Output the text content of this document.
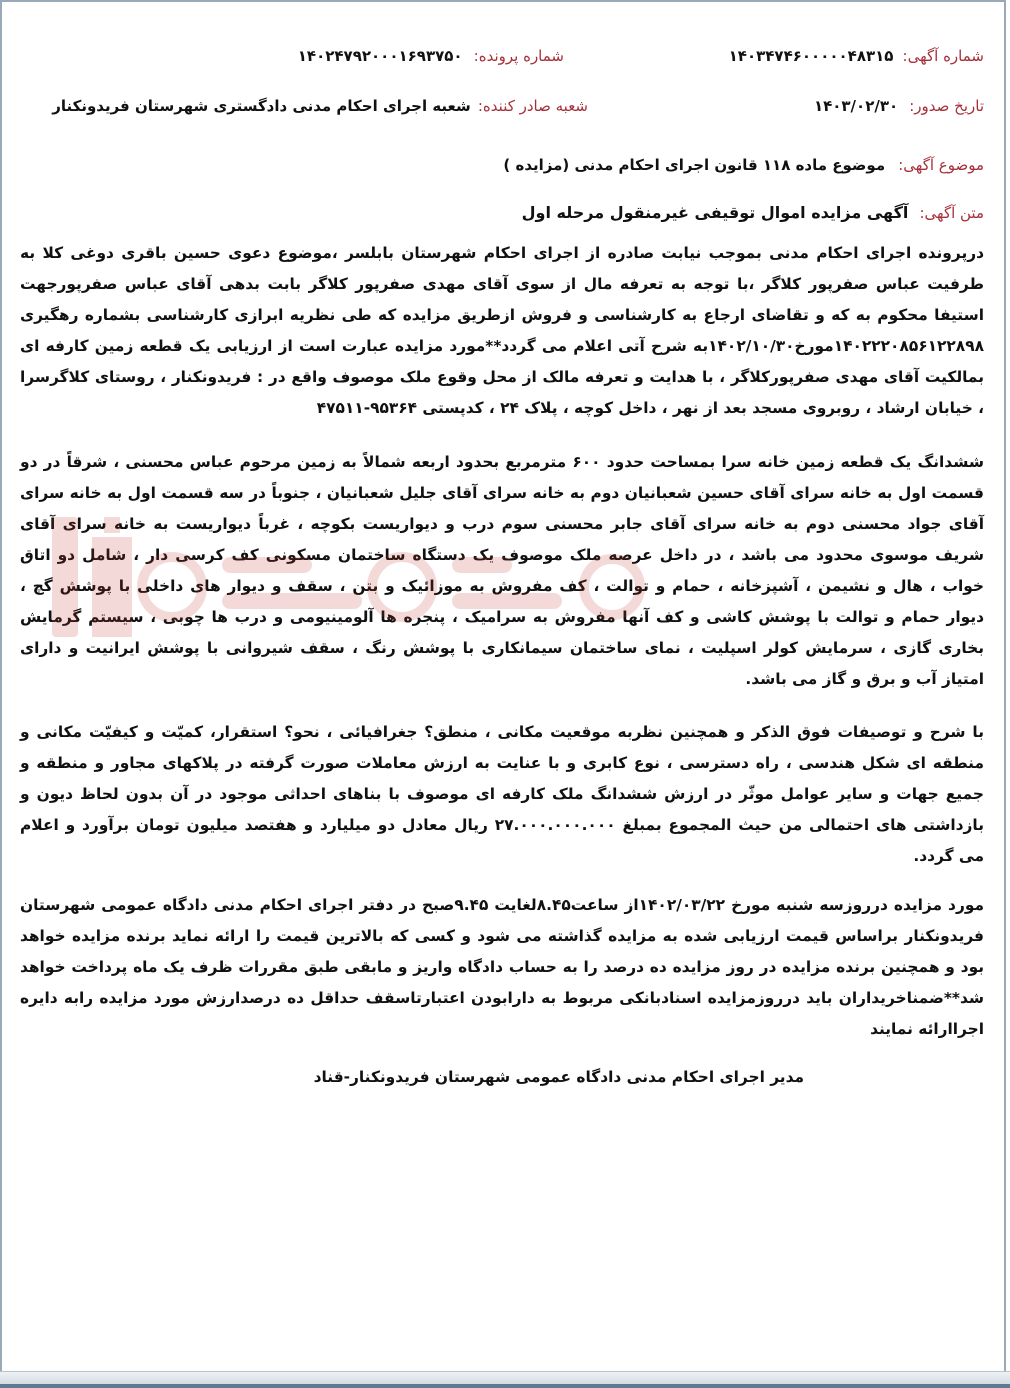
شماره آگهی: ۱۴۰۳۴۷۴۶۰۰۰۰۰۴۸۳۱۵
شماره پرونده: ۱۴۰۲۴۷۹۲۰۰۰۱۶۹۳۷۵۰
تاریخ صدور: ۱۴۰۳/۰۲/۳۰
شعبه صادر کننده: شعبه اجرای احکام مدنی دادگستری شهرستان فریدونکنار
موضوع آگهی: موضوع ماده ۱۱۸ قانون اجرای احکام مدنی (مزایده )
متن آگهی: آگهی مزایده اموال توقیفی غیرمنقول مرحله اول
درپرونده اجرای احکام مدنی بموجب نیابت صادره از اجرای احکام شهرستان بابلسر ،موضوع دعوی حسین باقری دوغی کلا به طرفیت عباس صفرپور کلاگر ،با توجه به تعرفه مال از سوی آقای مهدی صفرپور کلاگر بابت بدهی آقای عباس صفرپورجهت استیفا محکوم به که و تقاضای ارجاع به کارشناسی و فروش ازطریق مزایده که طی نظریه ابرازی کارشناسی بشماره رهگیری ۱۴۰۲۲۲۰۸۵۶۱۲۲۸۹۸مورخ۱۴۰۲/۱۰/۳۰به شرح آتی اعلام می گردد**مورد مزایده عبارت است از ارزیابی یک قطعه زمین کارفه ای بمالکیت آقای مهدی صفرپورکلاگر ، با هدایت و تعرفه مالک از محل وقوع ملک موصوف واقع در : فریدونکنار ، روستای کلاگرسرا ، خیابان ارشاد ، روبروی مسجد بعد از نهر ، داخل کوچه ، پلاک ۲۴ ، کدپستی ۹۵۳۶۴-۴۷۵۱۱
ششدانگ یک قطعه زمین خانه سرا بمساحت حدود ۶۰۰ مترمربع بحدود اربعه شمالاً به زمین مرحوم عباس محسنی ، شرقاً در دو قسمت اول به خانه سرای آقای حسین شعبانیان دوم به خانه سرای آقای جلیل شعبانیان ، جنوباً در سه قسمت اول به خانه سرای آقای جواد محسنی دوم به خانه سرای آقای جابر محسنی سوم درب و دیواریست بکوچه ، غرباً دیواریست به خانه سرای آقای شریف موسوی محدود می باشد ، در داخل عرصه ملک موصوف یک دستگاه ساختمان مسکونی کف کرسی دار ، شامل دو اتاق خواب ، هال و نشیمن ، آشپزخانه ، حمام و توالت ، کف مفروش به موزائیک و بتن ، سقف و دیوار های داخلی با پوشش گچ ، دیوار حمام و توالت با پوشش کاشی و کف آنها مفروش به سرامیک ، پنجره ها آلومینیومی و درب ها چوبی ، سیستم گرمایش بخاری گازی ، سرمایش کولر اسپلیت ، نمای ساختمان سیمانکاری با پوشش رنگ ، سقف شیروانی با پوشش ایرانیت و دارای امتیاز آب و برق و گاز می باشد.
با شرح و توصیفات فوق الذکر و همچنین نظربه موقعیت مکانی ، منطق؟ جغرافیائی ، نحو؟ استقرار، کمیّت و کیفیّت مکانی و منطقه ای شکل هندسی ، راه دسترسی ، نوع کابری و با عنایت به ارزش معاملات صورت گرفته در پلاکهای مجاور و منطقه و جمیع جهات و سایر عوامل موثّر در ارزش ششدانگ ملک کارفه ای موصوف با بناهای احداثی موجود در آن بدون لحاظ دیون و بازداشتی های احتمالی من حیث المجموع بمبلغ ۲۷.۰۰۰.۰۰۰.۰۰۰ ریال معادل دو میلیارد و هفتصد میلیون تومان برآورد و اعلام می گردد.
مورد مزایده درروزسه شنبه مورخ ۱۴۰۲/۰۳/۲۲از ساعت۸.۴۵لغایت ۹.۴۵صبح در دفتر اجرای احکام مدنی دادگاه عمومی شهرستان فریدونکنار براساس قیمت ارزیابی شده به مزایده گذاشته می شود و کسی که بالاترین قیمت را ارائه نماید برنده مزایده خواهد بود و همچنین برنده مزایده در روز مزایده ده درصد را به حساب دادگاه واریز و مابقی طبق مقررات ظرف یک ماه پرداخت خواهد شد**ضمناخریداران باید درروزمزایده اسنادبانکی مربوط به دارابودن اعتبارتاسقف حداقل ده درصدارزش مورد مزایده رابه دایره اجراارائه نمایند
مدیر اجرای احکام مدنی دادگاه عمومی شهرستان فریدونکنار-قناد
